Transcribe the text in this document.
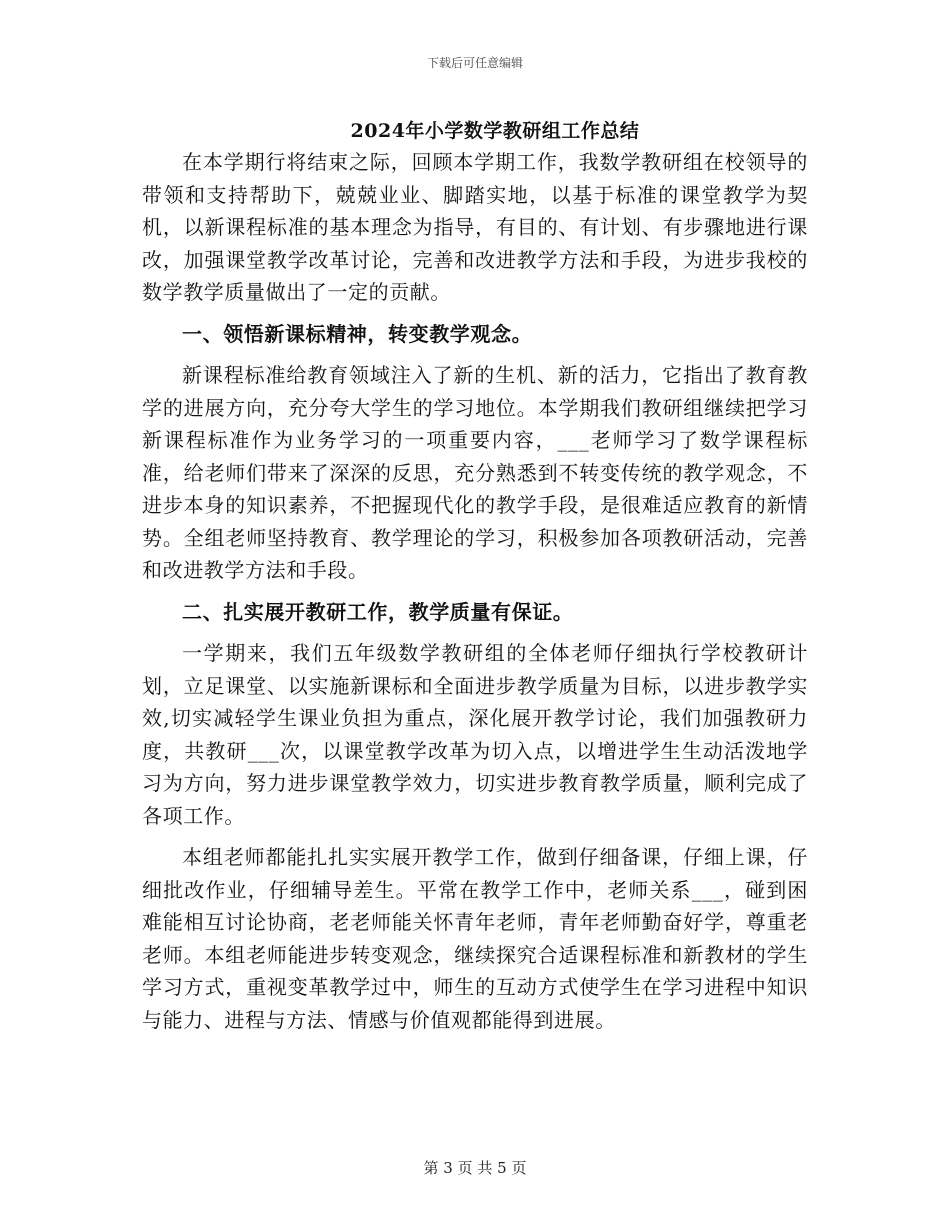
下载后可任意编辑
2024年小学数学教研组工作总结

在本学期行将结束之际，回顾本学期工作，我数学教研组在校领导的带领和支持帮助下，兢兢业业、脚踏实地，以基于标准的课堂教学为契机，以新课程标准的基本理念为指导，有目的、有计划、有步骤地进行课改，加强课堂教学改革讨论，完善和改进教学方法和手段，为进步我校的数学教学质量做出了一定的贡献。

一、领悟新课标精神，转变教学观念。

新课程标准给教育领域注入了新的生机、新的活力，它指出了教育教学的进展方向，充分夸大学生的学习地位。本学期我们教研组继续把学习新课程标准作为业务学习的一项重要内容，___老师学习了数学课程标准，给老师们带来了深深的反思，充分熟悉到不转变传统的教学观念，不进步本身的知识素养，不把握现代化的教学手段，是很难适应教育的新情势。全组老师坚持教育、教学理论的学习，积极参加各项教研活动，完善和改进教学方法和手段。

二、扎实展开教研工作，教学质量有保证。

一学期来，我们五年级数学教研组的全体老师仔细执行学校教研计划，立足课堂、以实施新课标和全面进步教学质量为目标，以进步教学实效,切实减轻学生课业负担为重点，深化展开教学讨论，我们加强教研力度，共教研___次，以课堂教学改革为切入点，以增进学生生动活泼地学习为方向，努力进步课堂教学效力，切实进步教育教学质量，顺利完成了各项工作。

本组老师都能扎扎实实展开教学工作，做到仔细备课，仔细上课，仔细批改作业，仔细辅导差生。平常在教学工作中，老师关系___，碰到困难能相互讨论协商，老老师能关怀青年老师，青年老师勤奋好学，尊重老老师。本组老师能进步转变观念，继续探究合适课程标准和新教材的学生学习方式，重视变革教学过中，师生的互动方式使学生在学习进程中知识与能力、进程与方法、情感与价值观都能得到进展。

第 3 页 共 5 页
